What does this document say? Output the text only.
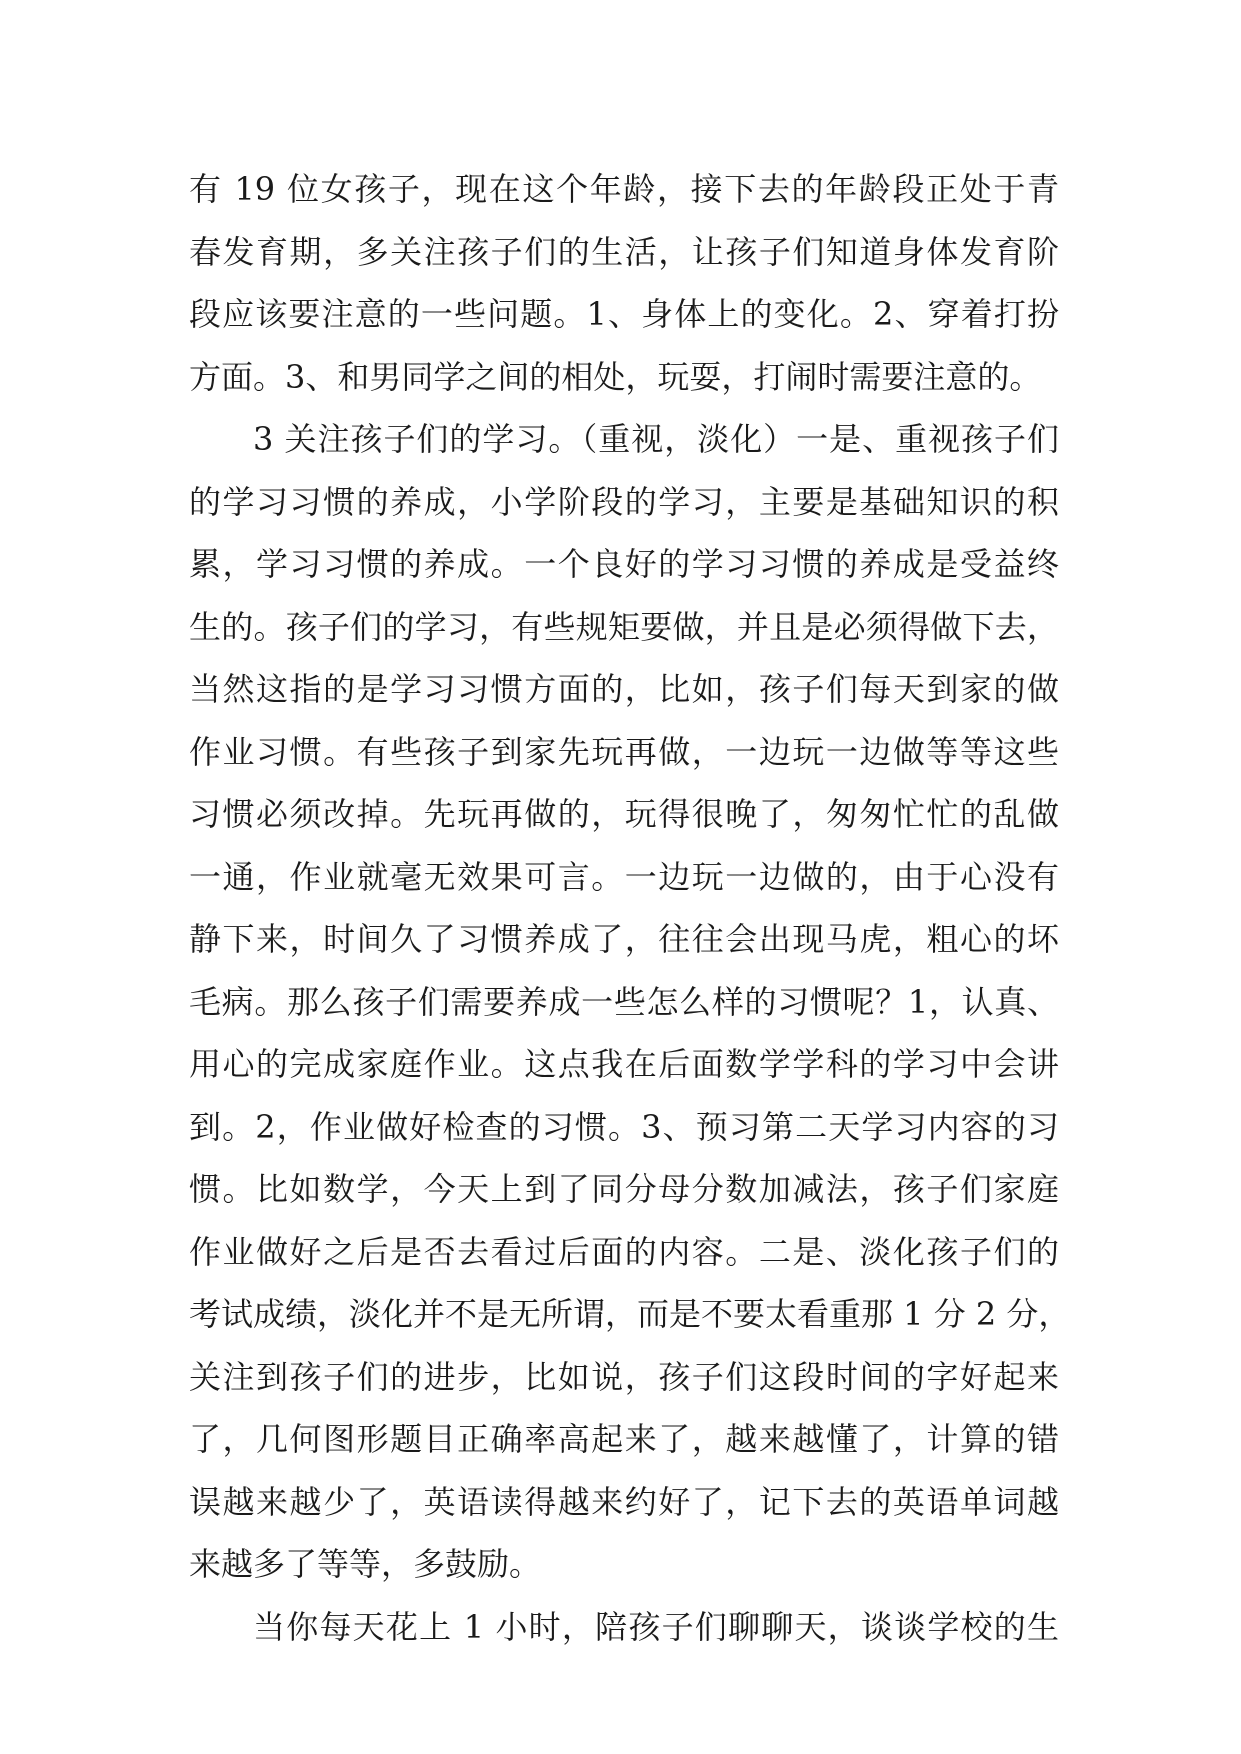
有 19 位女孩子，现在这个年龄，接下去的年龄段正处于青
春发育期，多关注孩子们的生活，让孩子们知道身体发育阶
段应该要注意的一些问题。1、身体上的变化。2、穿着打扮
方面。3、和男同学之间的相处，玩耍，打闹时需要注意的。
3 关注孩子们的学习。（重视，淡化）一是、重视孩子们
的学习习惯的养成，小学阶段的学习，主要是基础知识的积
累，学习习惯的养成。一个良好的学习习惯的养成是受益终
生的。孩子们的学习，有些规矩要做，并且是必须得做下去，
当然这指的是学习习惯方面的，比如，孩子们每天到家的做
作业习惯。有些孩子到家先玩再做，一边玩一边做等等这些
习惯必须改掉。先玩再做的，玩得很晚了，匆匆忙忙的乱做
一通，作业就毫无效果可言。一边玩一边做的，由于心没有
静下来，时间久了习惯养成了，往往会出现马虎，粗心的坏
毛病。那么孩子们需要养成一些怎么样的习惯呢？1，认真、
用心的完成家庭作业。这点我在后面数学学科的学习中会讲
到。2，作业做好检查的习惯。3、预习第二天学习内容的习
惯。比如数学，今天上到了同分母分数加减法，孩子们家庭
作业做好之后是否去看过后面的内容。二是、淡化孩子们的
考试成绩，淡化并不是无所谓，而是不要太看重那 1 分 2 分，
关注到孩子们的进步，比如说，孩子们这段时间的字好起来
了，几何图形题目正确率高起来了，越来越懂了，计算的错
误越来越少了，英语读得越来约好了，记下去的英语单词越
来越多了等等，多鼓励。
当你每天花上 1 小时，陪孩子们聊聊天，谈谈学校的生
